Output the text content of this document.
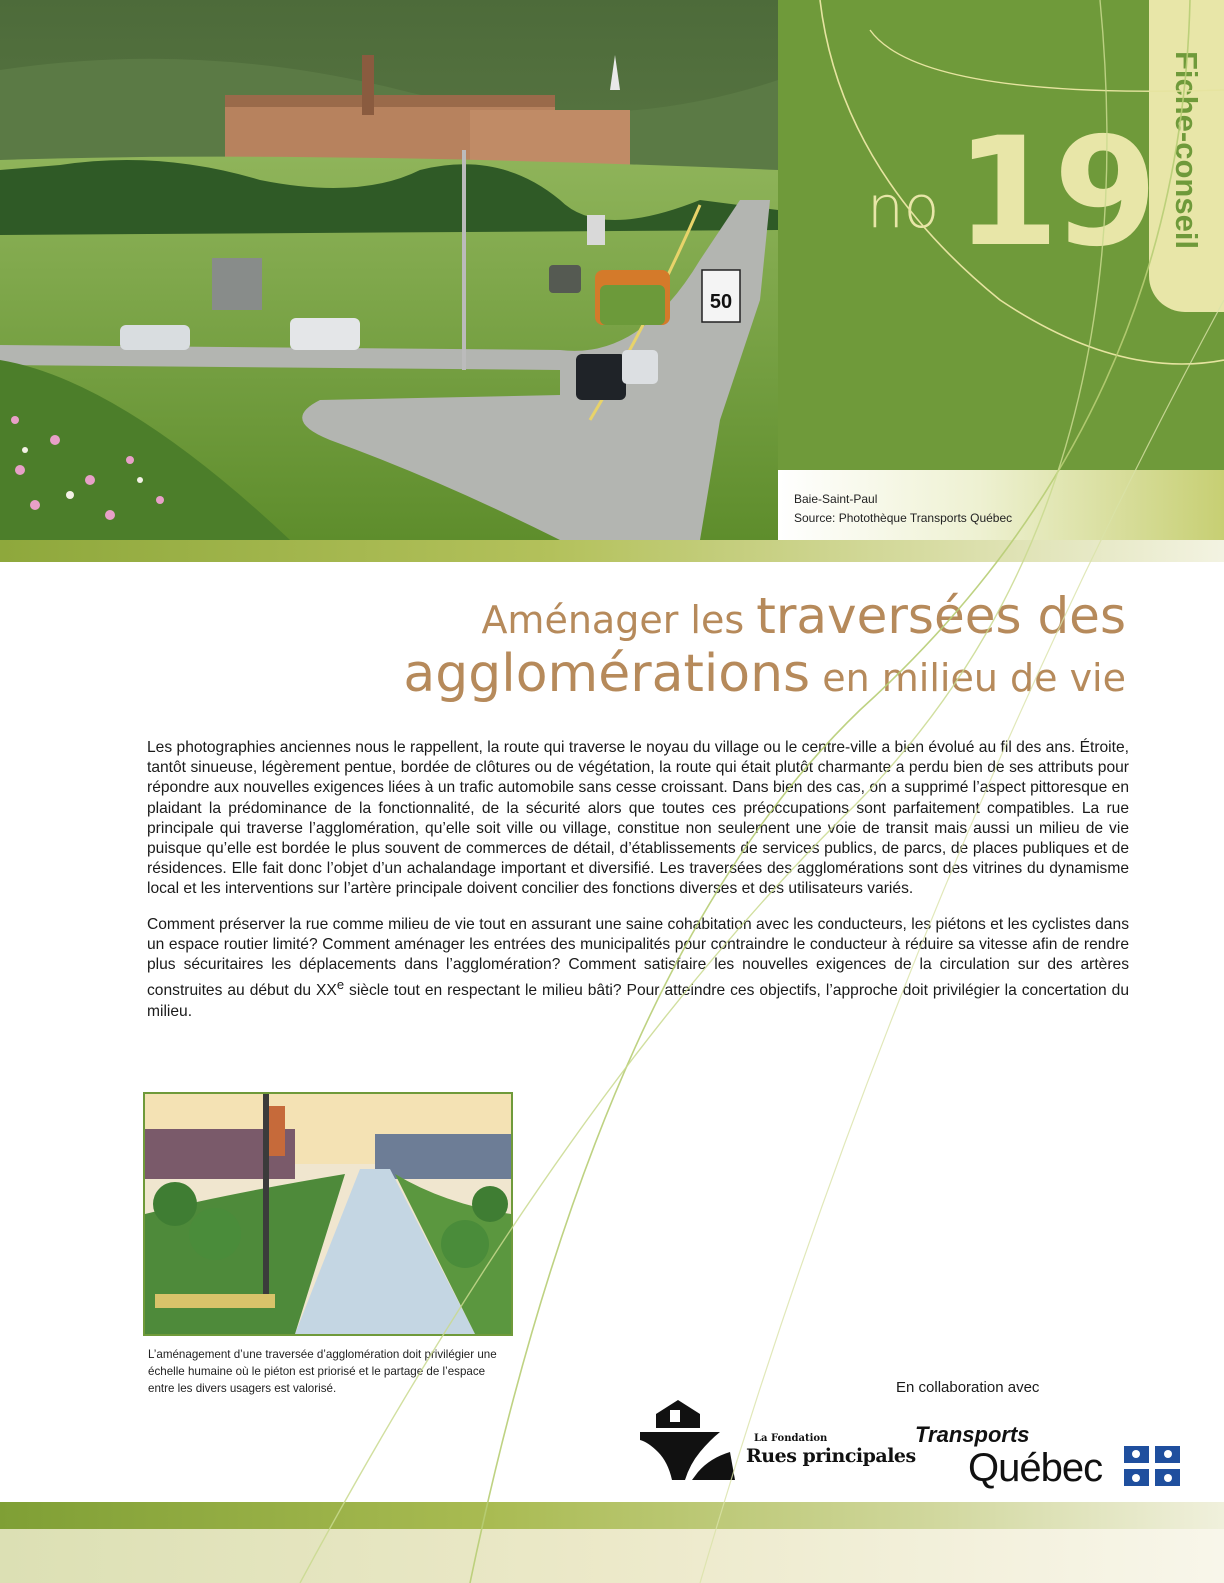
50
Baie-Saint-Paul
Source: Photothèque Transports Québec
Fiche-conseil
no 19
Aménager les traversées des
agglomérations en milieu de vie

Les photographies anciennes nous le rappellent, la route qui traverse le noyau du village ou le centre-ville a bien évolué au fil des ans. Étroite, tantôt sinueuse, légèrement pentue, bordée de clôtures ou de végétation, la route qui était plutôt charmante a perdu bien de ses attributs pour répondre aux nouvelles exigences liées à un trafic automobile sans cesse croissant. Dans bien des cas, on a supprimé l’aspect pittoresque en plaidant la prédominance de la fonctionnalité, de la sécurité alors que toutes ces préoccupations sont parfaitement compatibles. La rue principale qui traverse l’agglomération, qu’elle soit ville ou village, constitue non seulement une voie de transit mais aussi un milieu de vie puisque qu’elle est bordée le plus souvent de commerces de détail, d’établissements de services publics, de parcs, de places publiques et de résidences. Elle fait donc l’objet d’un achalandage important et diversifié. Les traversées des agglomérations sont des vitrines du dynamisme local et les interventions sur l’artère principale doivent concilier des fonctions diverses et des utilisateurs variés.

Comment préserver la rue comme milieu de vie tout en assurant une saine cohabitation avec les conducteurs, les piétons et les cyclistes dans un espace routier limité? Comment aménager les entrées des municipalités pour contraindre le conducteur à réduire sa vitesse afin de rendre plus sécuritaires les déplacements dans l’agglomération? Comment satisfaire les nouvelles exigences de la circulation sur des artères construites au début du XXe siècle tout en respectant le milieu bâti? Pour atteindre ces objectifs, l’approche doit privilégier la concertation du milieu.

L’aménagement d’une traversée d’agglomération doit privilégier une échelle humaine où le piéton est priorisé et le partage de l’espace entre les divers usagers est valorisé.	En collaboration avec
La Fondation
Rues principales
Transports
Québec
